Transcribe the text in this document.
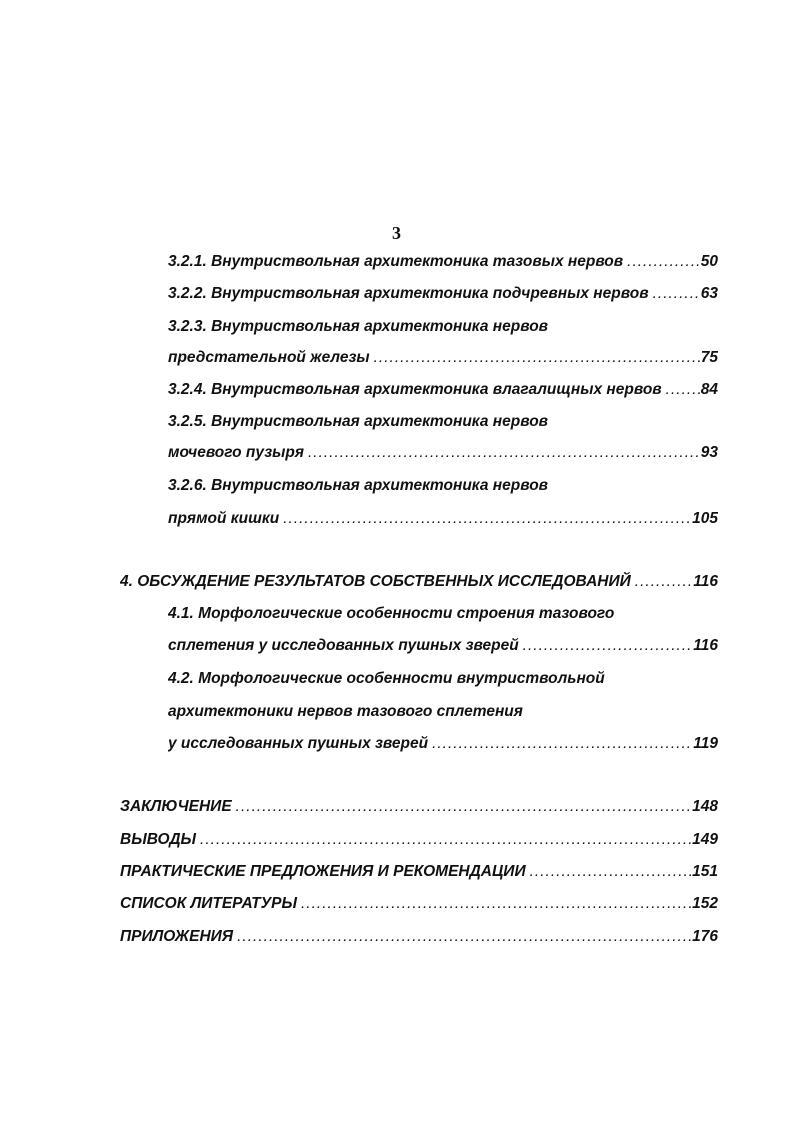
3
3.2.1. Внутриствольная архитектоника тазовых нервов .....	50
3.2.2. Внутриствольная архитектоника подчревных нервов .....	63
3.2.3. Внутриствольная архитектоника нервов
предстательной железы .....	75
3.2.4. Внутриствольная архитектоника влагалищных нервов .....	84
3.2.5. Внутриствольная архитектоника нервов
мочевого пузыря .....	93
3.2.6. Внутриствольная архитектоника нервов
прямой кишки .....	105
4. ОБСУЖДЕНИЕ РЕЗУЛЬТАТОВ СОБСТВЕННЫХ ИССЛЕДОВАНИЙ .....	116
4.1. Морфологические особенности строения тазового
сплетения у исследованных пушных зверей .....	116
4.2. Морфологические особенности внутриствольной
архитектоники нервов тазового сплетения
у исследованных пушных зверей .....	119
ЗАКЛЮЧЕНИЕ .....	148
ВЫВОДЫ .....	149
ПРАКТИЧЕСКИЕ ПРЕДЛОЖЕНИЯ И РЕКОМЕНДАЦИИ .....	151
СПИСОК ЛИТЕРАТУРЫ .....	152
ПРИЛОЖЕНИЯ .....	176
